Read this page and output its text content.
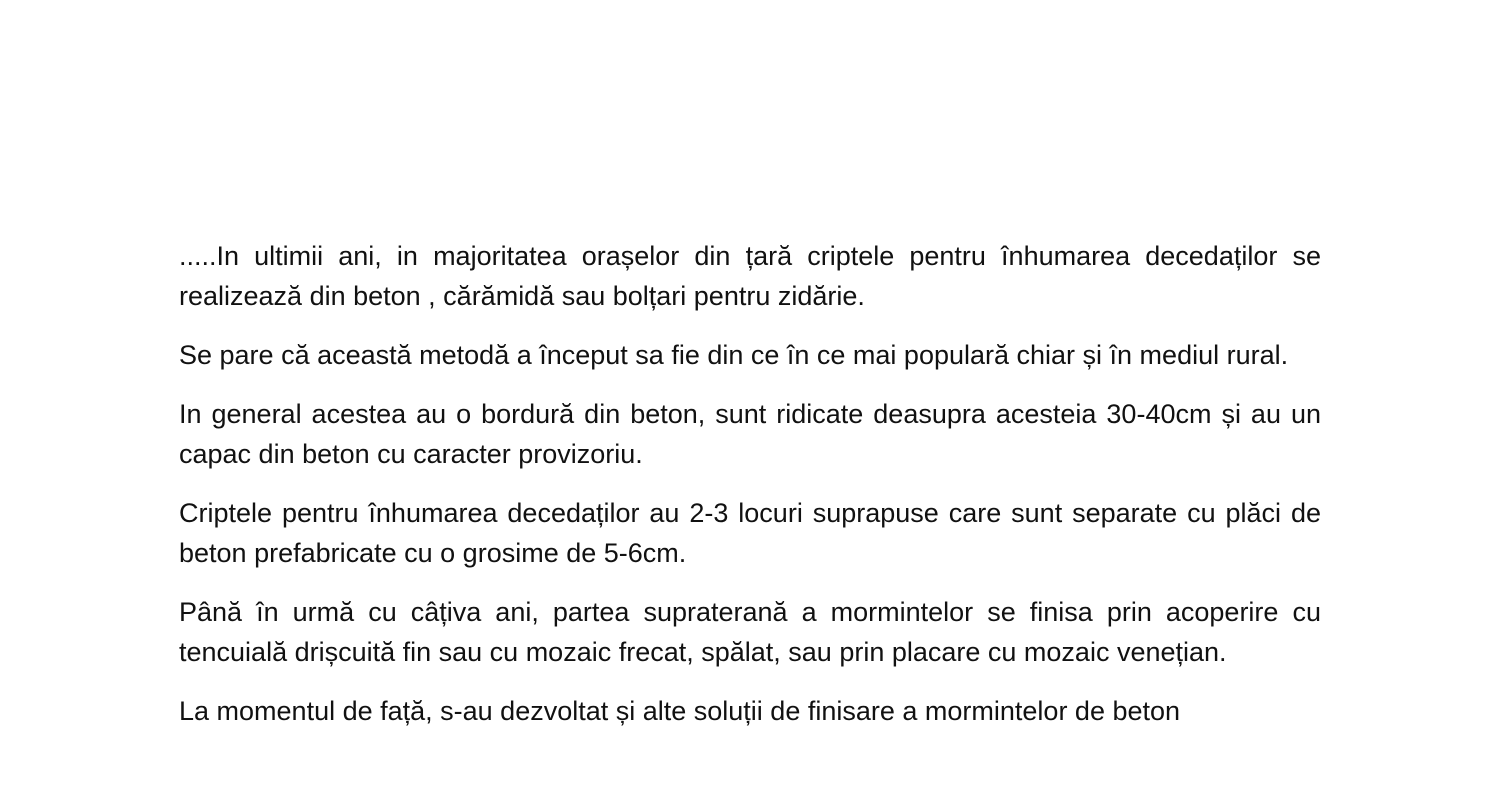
.....In ultimii ani, in majoritatea orașelor din țară criptele pentru înhumarea decedaților se realizează din beton , cărămidă sau bolțari pentru zidărie.

Se pare că această metodă a început sa fie din ce în ce mai populară chiar și în mediul rural.

In general acestea au o bordură din beton, sunt ridicate deasupra acesteia 30-40cm și au un capac din beton cu caracter provizoriu.

Criptele pentru înhumarea decedaților au 2-3 locuri suprapuse care sunt separate cu plăci de beton prefabricate cu o grosime de 5-6cm.

Până în urmă cu câțiva ani, partea supraterană a mormintelor se finisa prin acoperire cu tencuială drișcuită fin sau cu mozaic frecat, spălat, sau prin placare cu mozaic venețian.

La momentul de față, s-au dezvoltat și alte soluții de finisare a mormintelor de beton
